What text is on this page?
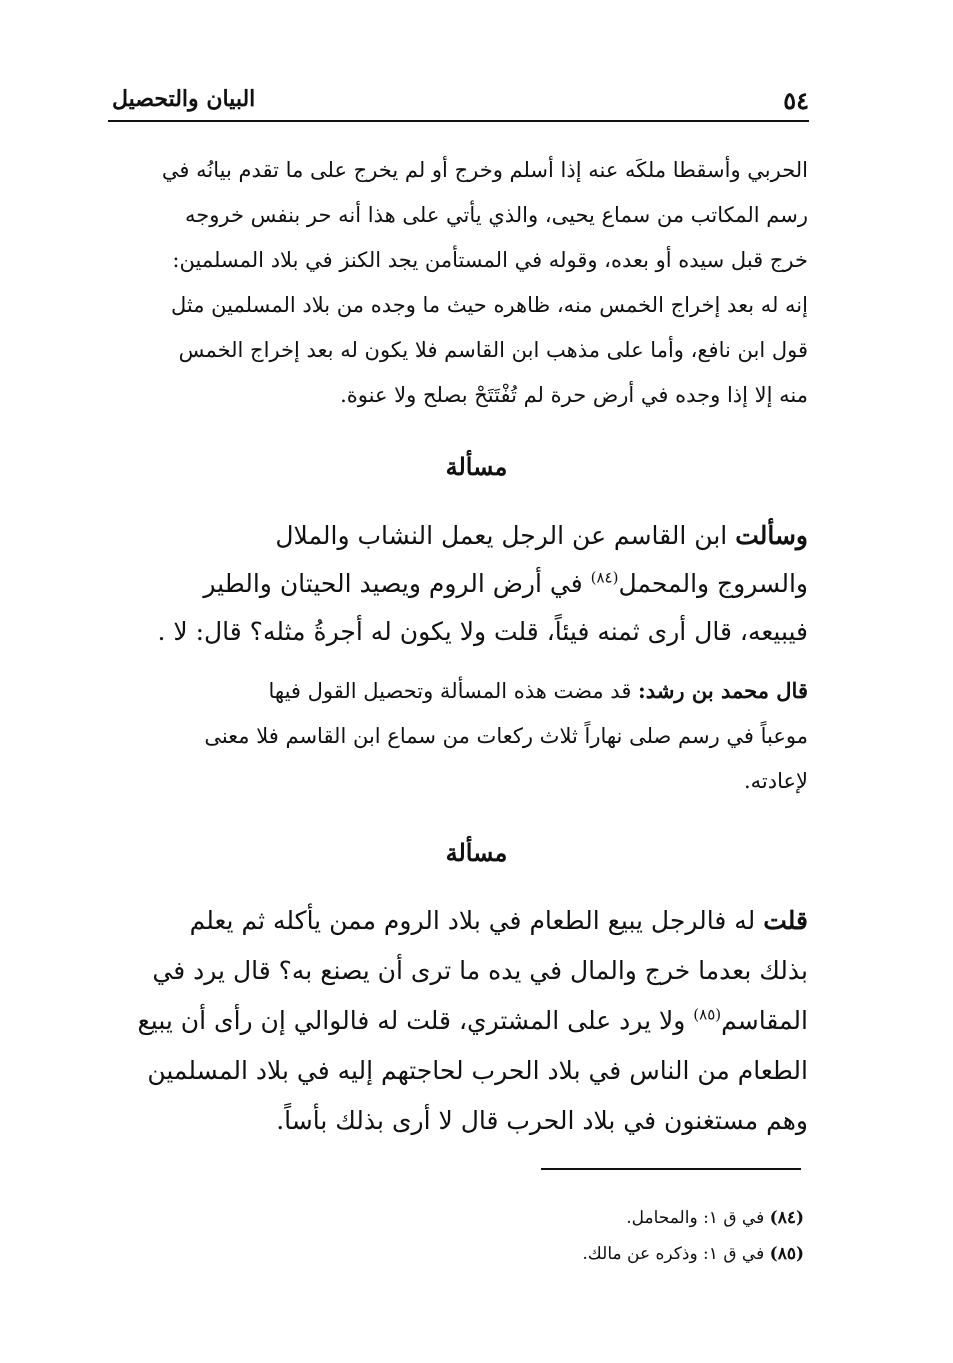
٥٤
البيان والتحصيل
الحربي وأسقطا ملكَه عنه إذا أسلم وخرج أو لم يخرج على ما تقدم بيانُه في
رسم المكاتب من سماع يحيى، والذي يأتي على هذا أنه حر بنفس خروجه
خرج قبل سيده أو بعده، وقوله في المستأمن يجد الكنز في بلاد المسلمين:
إنه له بعد إخراج الخمس منه، ظاهره حيث ما وجده من بلاد المسلمين مثل
قول ابن نافع، وأما على مذهب ابن القاسم فلا يكون له بعد إخراج الخمس
منه إلا إذا وجده في أرض حرة لم تُفْتَتَحْ بصلح ولا عنوة.
مسألة
وسألت ابن القاسم عن الرجل يعمل النشاب والملال
والسروج والمحمل$^{(٨٤)}$ في أرض الروم ويصيد الحيتان والطير
فيبيعه، قال أرى ثمنه فيئاً، قلت ولا يكون له أجرةُ مثله؟ قال: لا .
قال محمد بن رشد: قد مضت هذه المسألة وتحصيل القول فيها
موعباً في رسم صلى نهاراً ثلاث ركعات من سماع ابن القاسم فلا معنى
لإعادته.
مسألة
قلت له فالرجل يبيع الطعام في بلاد الروم ممن يأكله ثم يعلم
بذلك بعدما خرج والمال في يده ما ترى أن يصنع به؟ قال يرد في
المقاسم$^{(٨٥)}$ ولا يرد على المشتري، قلت له فالوالي إن رأى أن يبيع
الطعام من الناس في بلاد الحرب لحاجتهم إليه في بلاد المسلمين
وهم مستغنون في بلاد الحرب قال لا أرى بذلك بأساً.
(٨٤) في ق ١: والمحامل.
(٨٥) في ق ١: وذكره عن مالك.
